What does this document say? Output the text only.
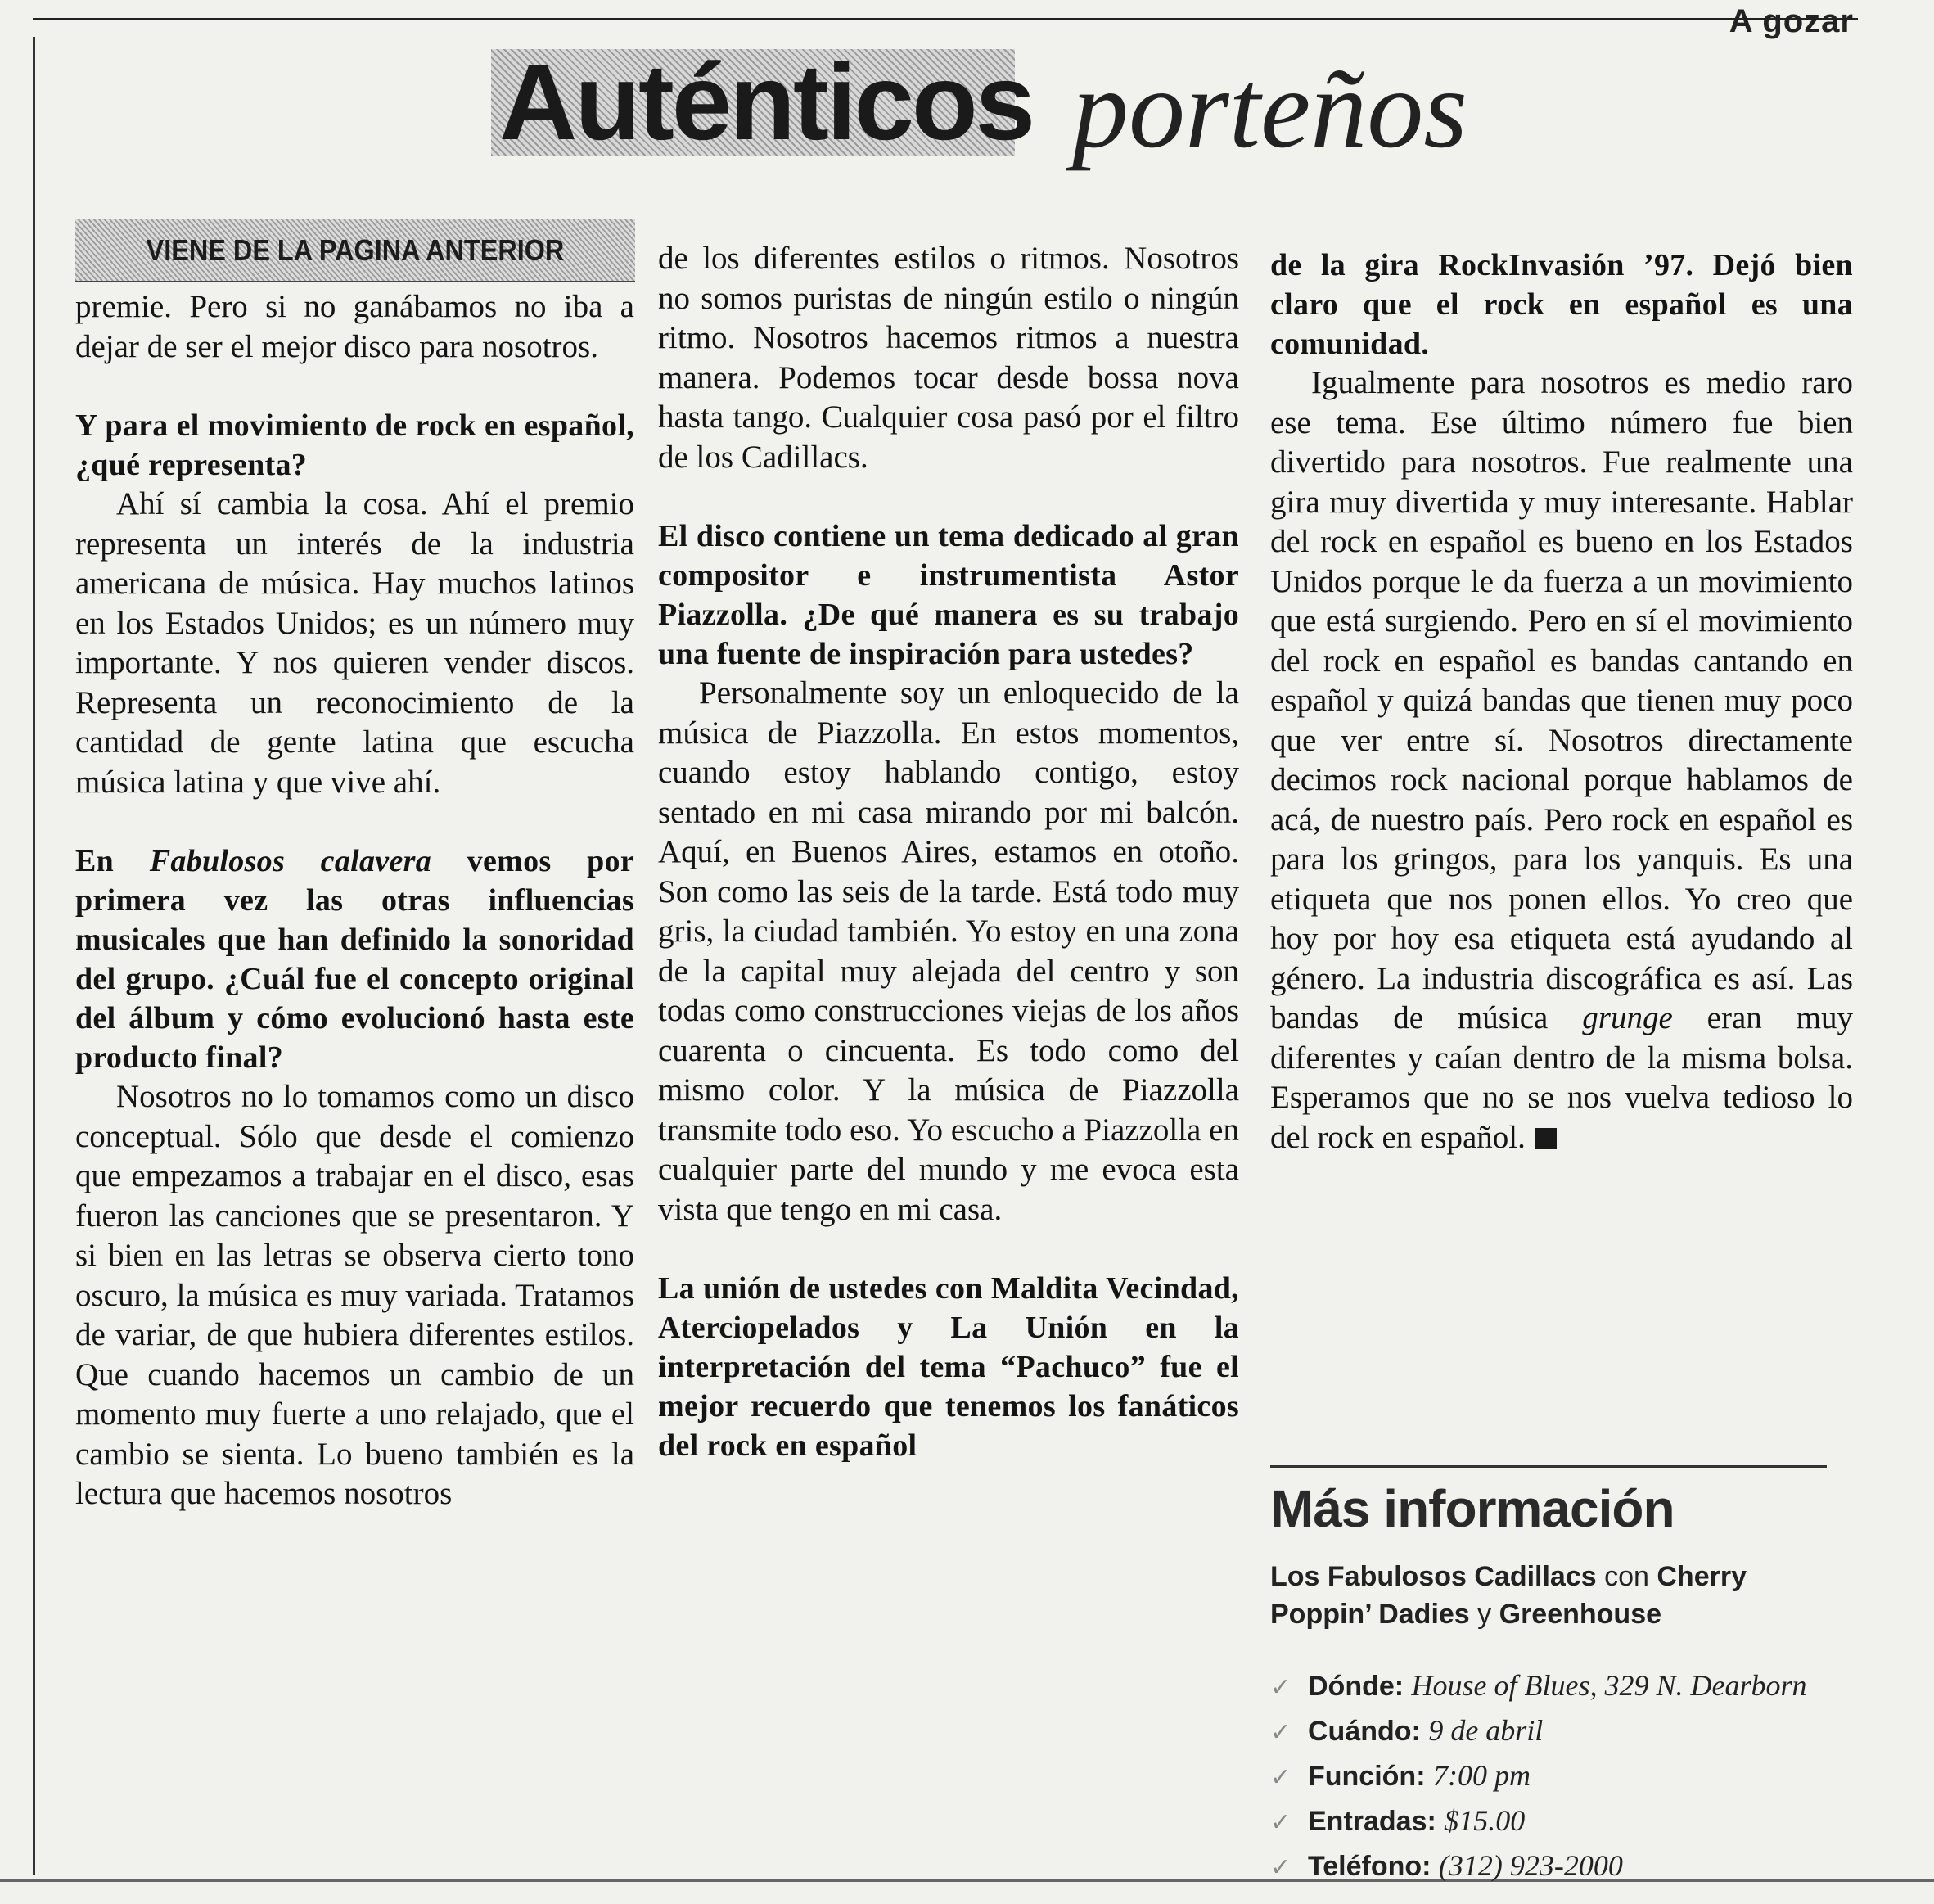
A gozar
Auténticos porteños
VIENE DE LA PAGINA ANTERIOR

premie. Pero si no ganábamos no iba a dejar de ser el mejor disco para nosotros.

Y para el movimiento de rock en español, ¿qué representa?

Ahí sí cambia la cosa. Ahí el premio representa un interés de la industria americana de música. Hay muchos latinos en los Estados Unidos; es un número muy importante. Y nos quieren vender discos. Representa un reconocimiento de la cantidad de gente latina que escucha música latina y que vive ahí.

En Fabulosos calavera vemos por primera vez las otras influencias musicales que han definido la sonoridad del grupo. ¿Cuál fue el concepto original del álbum y cómo evolucionó hasta este producto final?

Nosotros no lo tomamos como un disco conceptual. Sólo que desde el comienzo que empezamos a trabajar en el disco, esas fueron las canciones que se presentaron. Y si bien en las letras se observa cierto tono oscuro, la música es muy variada. Tratamos de variar, de que hubiera diferentes estilos. Que cuando hacemos un cambio de un momento muy fuerte a uno relajado, que el cambio se sienta. Lo bueno también es la lectura que hacemos nosotros

de los diferentes estilos o ritmos. Nosotros no somos puristas de ningún estilo o ningún ritmo. Nosotros hacemos ritmos a nuestra manera. Podemos tocar desde bossa nova hasta tango. Cualquier cosa pasó por el filtro de los Cadillacs.

El disco contiene un tema dedicado al gran compositor e instrumentista Astor Piazzolla. ¿De qué manera es su trabajo una fuente de inspiración para ustedes?

Personalmente soy un enloquecido de la música de Piazzolla. En estos momentos, cuando estoy hablando contigo, estoy sentado en mi casa mirando por mi balcón. Aquí, en Buenos Aires, estamos en otoño. Son como las seis de la tarde. Está todo muy gris, la ciudad también. Yo estoy en una zona de la capital muy alejada del centro y son todas como construcciones viejas de los años cuarenta o cincuenta. Es todo como del mismo color. Y la música de Piazzolla transmite todo eso. Yo escucho a Piazzolla en cualquier parte del mundo y me evoca esta vista que tengo en mi casa.

La unión de ustedes con Maldita Vecindad, Aterciopelados y La Unión en la interpretación del tema “Pachuco” fue el mejor recuerdo que tenemos los fanáticos del rock en español

de la gira RockInvasión ’97. Dejó bien claro que el rock en español es una comunidad.

Igualmente para nosotros es medio raro ese tema. Ese último número fue bien divertido para nosotros. Fue realmente una gira muy divertida y muy interesante. Hablar del rock en español es bueno en los Estados Unidos porque le da fuerza a un movimiento que está surgiendo. Pero en sí el movimiento del rock en español es bandas cantando en español y quizá bandas que tienen muy poco que ver entre sí. Nosotros directamente decimos rock nacional porque hablamos de acá, de nuestro país. Pero rock en español es para los gringos, para los yanquis. Es una etiqueta que nos ponen ellos. Yo creo que hoy por hoy esa etiqueta está ayudando al género. La industria discográfica es así. Las bandas de música grunge eran muy diferentes y caían dentro de la misma bolsa. Esperamos que no se nos vuelva tedioso lo del rock en español.

Más información
Los Fabulosos Cadillacs con Cherry Poppin’ Dadies y Greenhouse
✓ Dónde: House of Blues, 329 N. Dearborn
✓ Cuándo: 9 de abril
✓ Función: 7:00 pm
✓ Entradas: $15.00
✓ Teléfono: (312) 923-2000
